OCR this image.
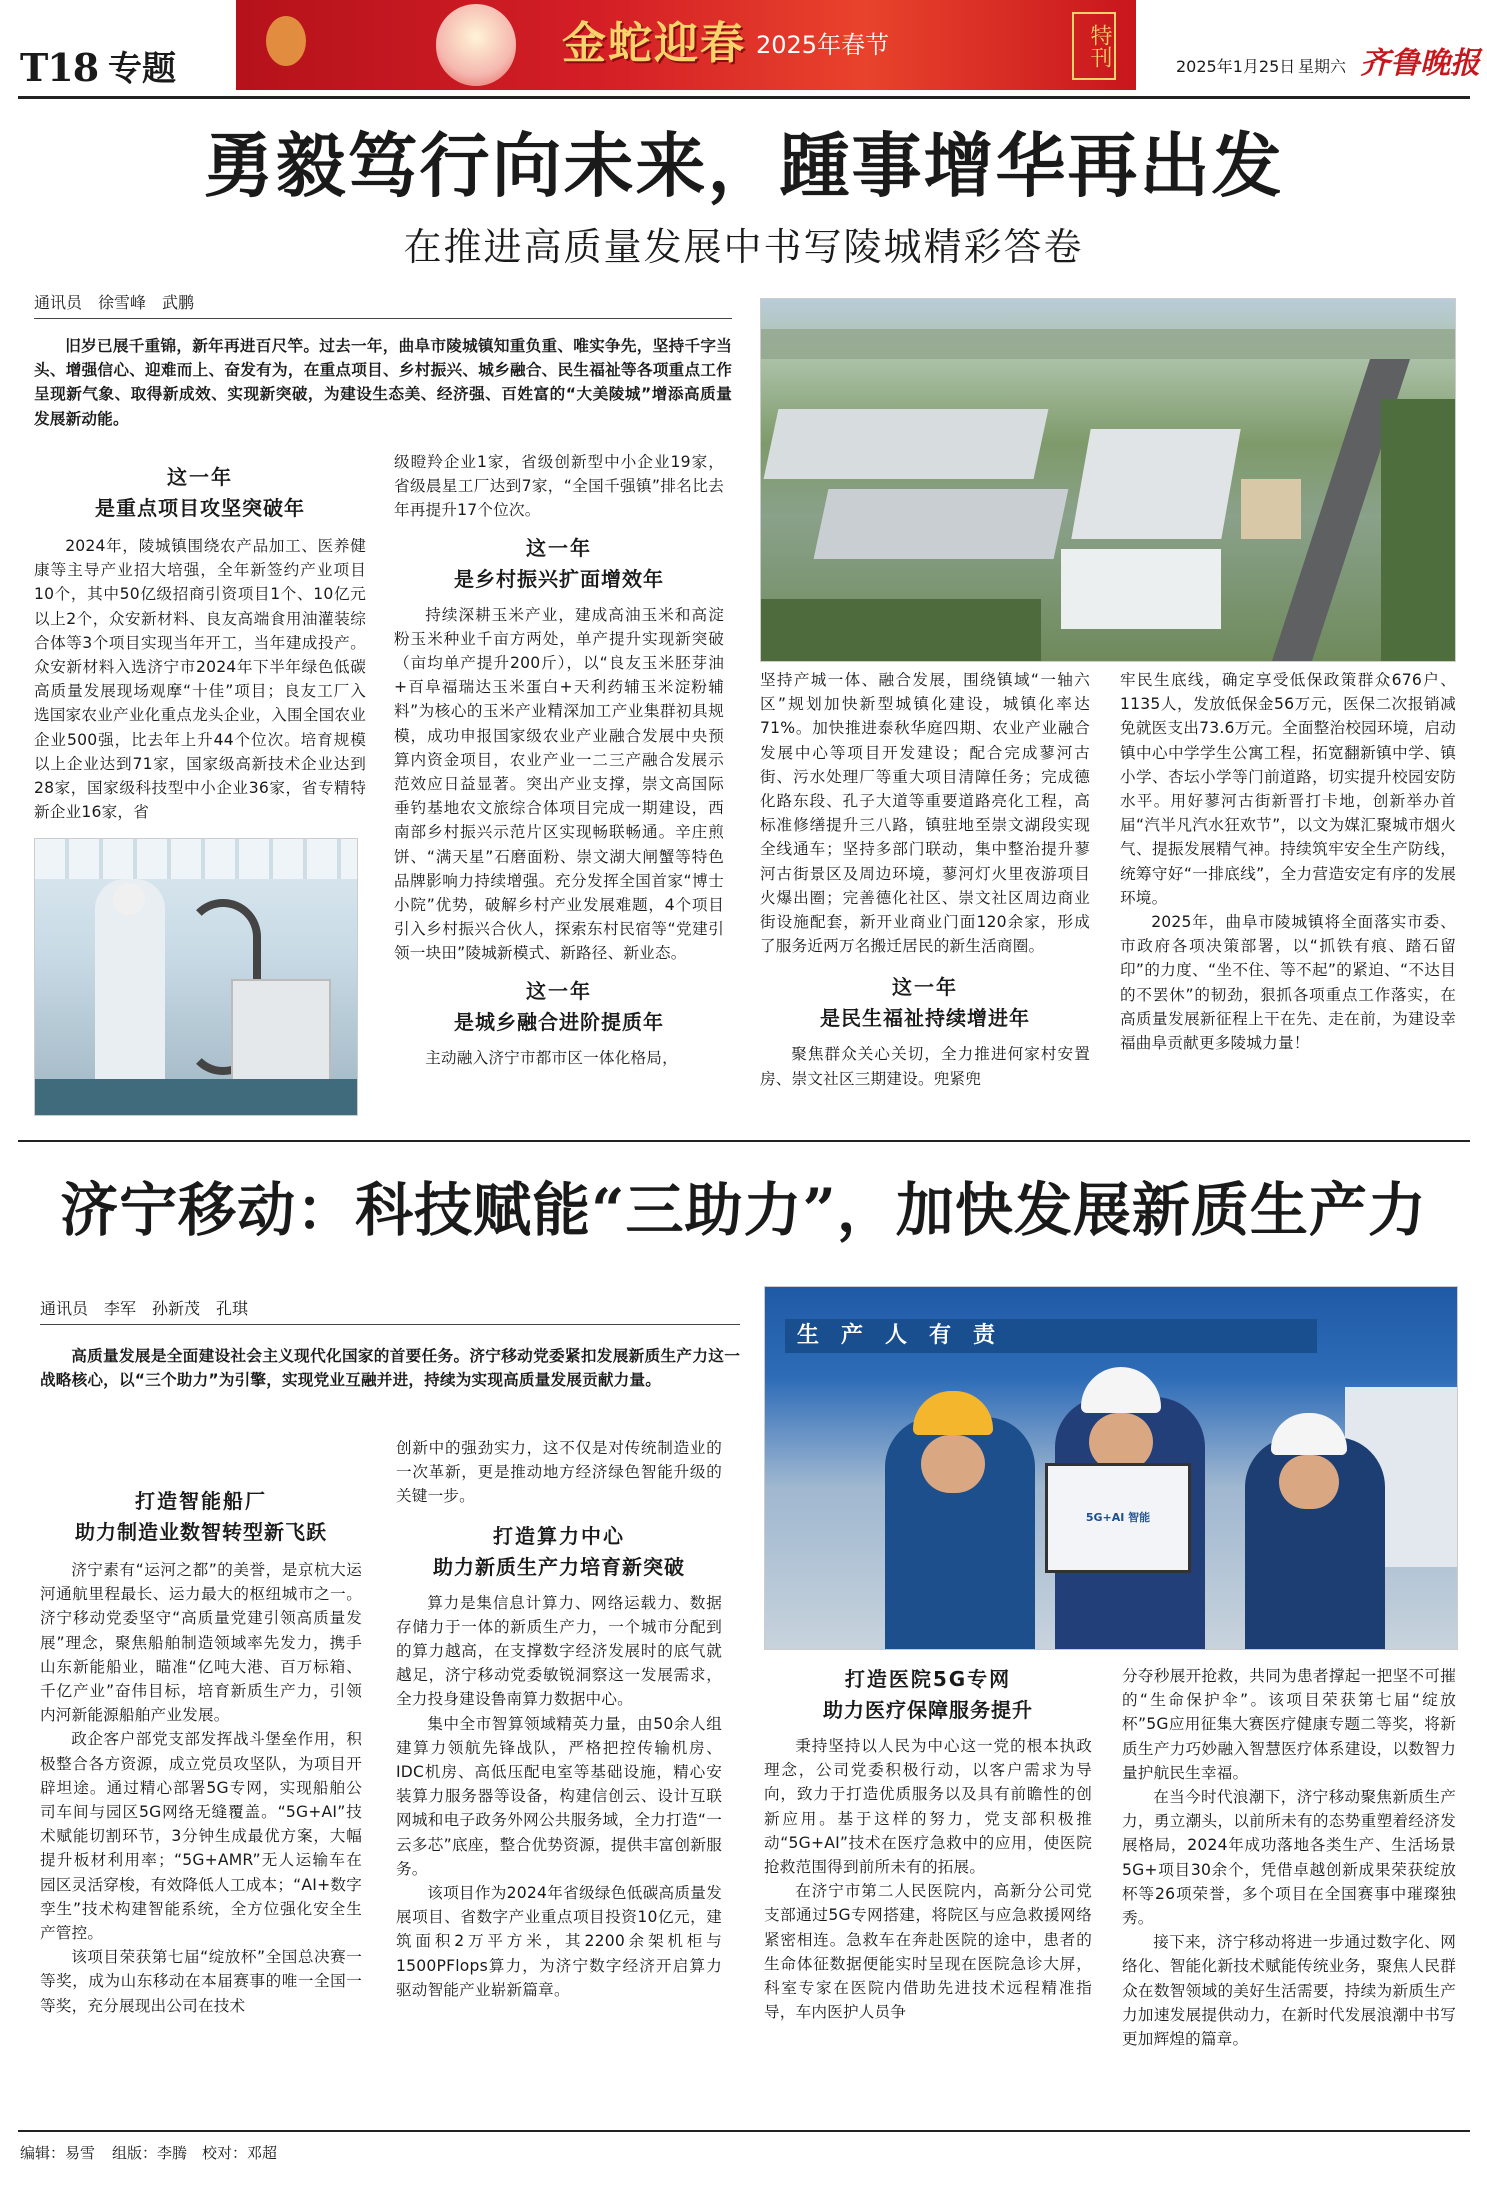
T18 专题	金蛇迎春 2025年春节	特刊	2025年1月25日 星期六 齐鲁晚报
勇毅笃行向未来，踵事增华再出发
在推进高质量发展中书写陵城精彩答卷
通讯员　徐雪峰　武鹏

旧岁已展千重锦，新年再进百尺竿。过去一年，曲阜市陵城镇知重负重、唯实争先，坚持千字当头、增强信心、迎难而上、奋发有为，在重点项目、乡村振兴、城乡融合、民生福祉等各项重点工作呈现新气象、取得新成效、实现新突破，为建设生态美、经济强、百姓富的“大美陵城”增添高质量发展新动能。

这一年
是重点项目攻坚突破年

2024年，陵城镇围绕农产品加工、医养健康等主导产业招大培强，全年新签约产业项目10个，其中50亿级招商引资项目1个、10亿元以上2个，众安新材料、良友高端食用油灌装综合体等3个项目实现当年开工，当年建成投产。众安新材料入选济宁市2024年下半年绿色低碳高质量发展现场观摩“十佳”项目；良友工厂入选国家农业产业化重点龙头企业，入围全国农业企业500强，比去年上升44个位次。培育规模以上企业达到71家，国家级高新技术企业达到28家，国家级科技型中小企业36家，省专精特新企业16家，省

级瞪羚企业1家，省级创新型中小企业19家，省级晨星工厂达到7家，“全国千强镇”排名比去年再提升17个位次。

这一年
是乡村振兴扩面增效年

持续深耕玉米产业，建成高油玉米和高淀粉玉米种业千亩方两处，单产提升实现新突破（亩均单产提升200斤），以“良友玉米胚芽油+百阜福瑞达玉米蛋白+天利药辅玉米淀粉辅料”为核心的玉米产业精深加工产业集群初具规模，成功申报国家级农业产业融合发展中央预算内资金项目，农业产业一二三产融合发展示范效应日益显著。突出产业支撑，崇文高国际垂钓基地农文旅综合体项目完成一期建设，西南部乡村振兴示范片区实现畅联畅通。辛庄煎饼、“满天星”石磨面粉、崇文湖大闸蟹等特色品牌影响力持续增强。充分发挥全国首家“博士小院”优势，破解乡村产业发展难题，4个项目引入乡村振兴合伙人，探索东村民宿等“党建引领一块田”陵城新模式、新路径、新业态。

这一年
是城乡融合进阶提质年

主动融入济宁市都市区一体化格局，

坚持产城一体、融合发展，围绕镇域“一轴六区”规划加快新型城镇化建设，城镇化率达71%。加快推进泰秋华庭四期、农业产业融合发展中心等项目开发建设；配合完成蓼河古街、污水处理厂等重大项目清障任务；完成德化路东段、孔子大道等重要道路亮化工程，高标准修缮提升三八路，镇驻地至崇文湖段实现全线通车；坚持多部门联动，集中整治提升蓼河古街景区及周边环境，蓼河灯火里夜游项目火爆出圈；完善德化社区、崇文社区周边商业街设施配套，新开业商业门面120余家，形成了服务近两万名搬迁居民的新生活商圈。

这一年
是民生福祉持续增进年

聚焦群众关心关切，全力推进何家村安置房、崇文社区三期建设。兜紧兜

牢民生底线，确定享受低保政策群众676户、1135人，发放低保金56万元，医保二次报销减免就医支出73.6万元。全面整治校园环境，启动镇中心中学学生公寓工程，拓宽翻新镇中学、镇小学、杏坛小学等门前道路，切实提升校园安防水平。用好蓼河古街新晋打卡地，创新举办首届“汽半凡汽水狂欢节”，以文为媒汇聚城市烟火气、提振发展精气神。持续筑牢安全生产防线，统筹守好“一排底线”，全力营造安定有序的发展环境。

2025年，曲阜市陵城镇将全面落实市委、市政府各项决策部署，以“抓铁有痕、踏石留印”的力度、“坐不住、等不起”的紧迫、“不达目的不罢休”的韧劲，狠抓各项重点工作落实，在高质量发展新征程上干在先、走在前，为建设幸福曲阜贡献更多陵城力量！

济宁移动：科技赋能“三助力”，加快发展新质生产力
通讯员　李军　孙新茂　孔琪

高质量发展是全面建设社会主义现代化国家的首要任务。济宁移动党委紧扣发展新质生产力这一战略核心，以“三个助力”为引擎，实现党业互融并进，持续为实现高质量发展贡献力量。

打造智能船厂
助力制造业数智转型新飞跃

济宁素有“运河之都”的美誉，是京杭大运河通航里程最长、运力最大的枢纽城市之一。济宁移动党委坚守“高质量党建引领高质量发展”理念，聚焦船舶制造领域率先发力，携手山东新能船业，瞄准“亿吨大港、百万标箱、千亿产业”奋伟目标，培育新质生产力，引领内河新能源船舶产业发展。

政企客户部党支部发挥战斗堡垒作用，积极整合各方资源，成立党员攻坚队，为项目开辟坦途。通过精心部署5G专网，实现船舶公司车间与园区5G网络无缝覆盖。“5G+AI”技术赋能切割环节，3分钟生成最优方案，大幅提升板材利用率；“5G+AMR”无人运输车在园区灵活穿梭，有效降低人工成本；“AI+数字孪生”技术构建智能系统，全方位强化安全生产管控。

该项目荣获第七届“绽放杯”全国总决赛一等奖，成为山东移动在本届赛事的唯一全国一等奖，充分展现出公司在技术

创新中的强劲实力，这不仅是对传统制造业的一次革新，更是推动地方经济绿色智能升级的关键一步。

打造算力中心
助力新质生产力培育新突破

算力是集信息计算力、网络运载力、数据存储力于一体的新质生产力，一个城市分配到的算力越高，在支撑数字经济发展时的底气就越足，济宁移动党委敏锐洞察这一发展需求，全力投身建设鲁南算力数据中心。

集中全市智算领域精英力量，由50余人组建算力领航先锋战队，严格把控传输机房、IDC机房、高低压配电室等基础设施，精心安装算力服务器等设备，构建信创云、设计互联网城和电子政务外网公共服务域，全力打造“一云多芯”底座，整合优势资源，提供丰富创新服务。

该项目作为2024年省级绿色低碳高质量发展项目、省数字产业重点项目投资10亿元，建筑面积2万平方米，其2200余架机柜与1500PFlops算力，为济宁数字经济开启算力驱动智能产业崭新篇章。

生　产　人　有　责
5G+AI 智能
打造医院5G专网
助力医疗保障服务提升

秉持坚持以人民为中心这一党的根本执政理念，公司党委积极行动，以客户需求为导向，致力于打造优质服务以及具有前瞻性的创新应用。基于这样的努力，党支部积极推动“5G+AI”技术在医疗急救中的应用，使医院抢救范围得到前所未有的拓展。

在济宁市第二人民医院内，高新分公司党支部通过5G专网搭建，将院区与应急救援网络紧密相连。急救车在奔赴医院的途中，患者的生命体征数据便能实时呈现在医院急诊大屏，科室专家在医院内借助先进技术远程精准指导，车内医护人员争

分夺秒展开抢救，共同为患者撑起一把坚不可摧的“生命保护伞”。该项目荣获第七届“绽放杯”5G应用征集大赛医疗健康专题二等奖，将新质生产力巧妙融入智慧医疗体系建设，以数智力量护航民生幸福。

在当今时代浪潮下，济宁移动聚焦新质生产力，勇立潮头，以前所未有的态势重塑着经济发展格局，2024年成功落地各类生产、生活场景5G+项目30余个，凭借卓越创新成果荣获绽放杯等26项荣誉，多个项目在全国赛事中璀璨独秀。

接下来，济宁移动将进一步通过数字化、网络化、智能化新技术赋能传统业务，聚焦人民群众在数智领域的美好生活需要，持续为新质生产力加速发展提供动力，在新时代发展浪潮中书写更加辉煌的篇章。

编辑：易雪 组版：李腾 校对：邓超
